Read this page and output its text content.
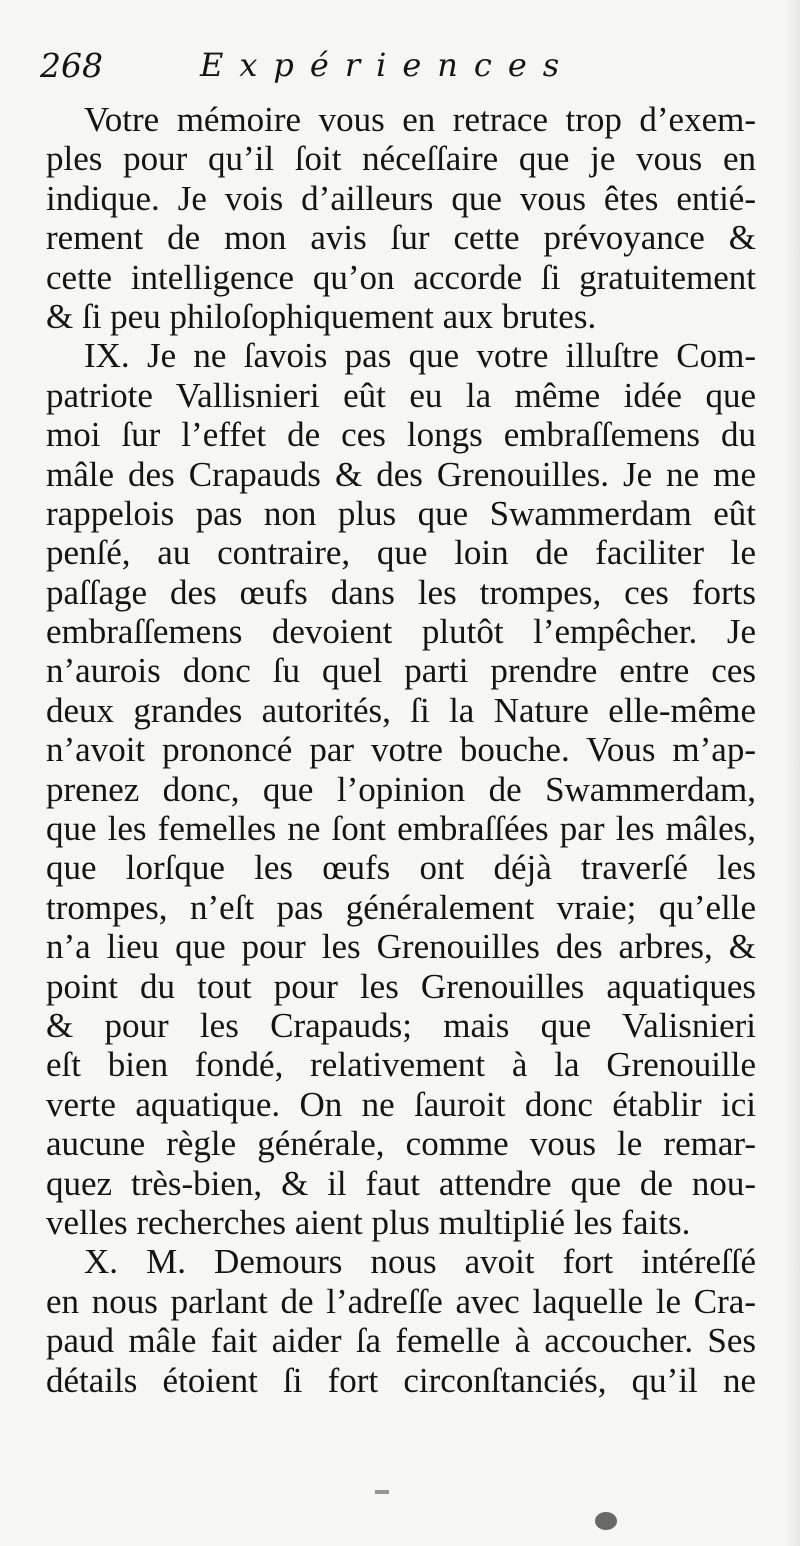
268	Expériences
Votre mémoire vous en retrace trop d’exem-
ples pour qu’il ſoit néceſſaire que je vous en
indique. Je vois d’ailleurs que vous êtes entié-
rement de mon avis ſur cette prévoyance &
cette intelligence qu’on accorde ſi gratuitement
& ſi peu philoſophiquement aux brutes.
IX. Je ne ſavois pas que votre illuſtre Com-
patriote Vallisnieri eût eu la même idée que
moi ſur l’effet de ces longs embraſſemens du
mâle des Crapauds & des Grenouilles. Je ne me
rappelois pas non plus que Swammerdam eût
penſé, au contraire, que loin de faciliter le
paſſage des œufs dans les trompes, ces forts
embraſſemens devoient plutôt l’empêcher. Je
n’aurois donc ſu quel parti prendre entre ces
deux grandes autorités, ſi la Nature elle-même
n’avoit prononcé par votre bouche. Vous m’ap-
prenez donc, que l’opinion de Swammerdam,
que les femelles ne ſont embraſſées par les mâles,
que lorſque les œufs ont déjà traverſé les
trompes, n’eſt pas généralement vraie; qu’elle
n’a lieu que pour les Grenouilles des arbres, &
point du tout pour les Grenouilles aquatiques
& pour les Crapauds; mais que Valisnieri
eſt bien fondé, relativement à la Grenouille
verte aquatique. On ne ſauroit donc établir ici
aucune règle générale, comme vous le remar-
quez très-bien, & il faut attendre que de nou-
velles recherches aient plus multiplié les faits.
X. M. Demours nous avoit fort intéreſſé
en nous parlant de l’adreſſe avec laquelle le Cra-
paud mâle fait aider ſa femelle à accoucher. Ses
détails étoient ſi fort circonſtanciés, qu’il ne
